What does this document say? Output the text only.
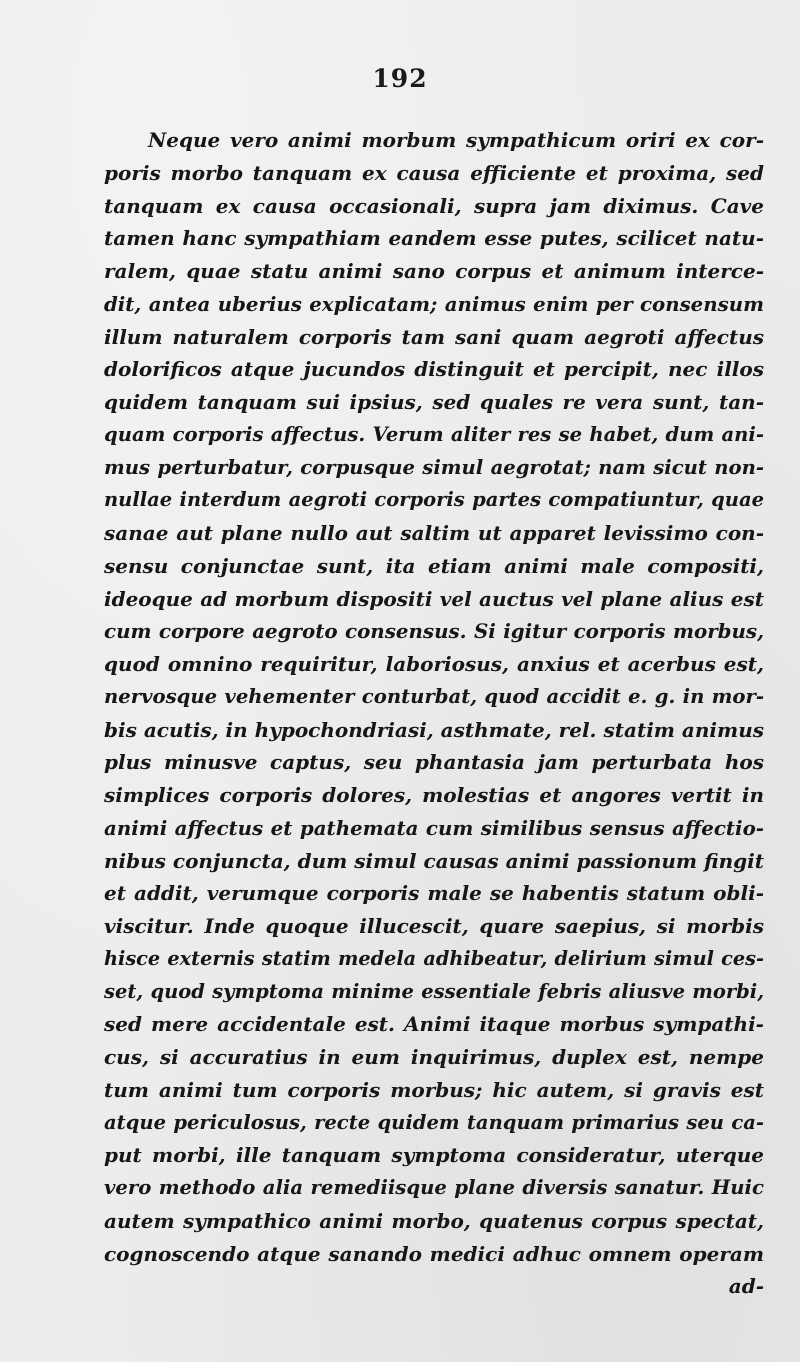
192
Neque vero animi morbum sympathicum oriri ex cor-
poris morbo tanquam ex causa efficiente et proxima, sed
tanquam ex causa occasionali, supra jam diximus. Cave
tamen hanc sympathiam eandem esse putes, scilicet natu-
ralem, quae statu animi sano corpus et animum interce-
dit, antea uberius explicatam; animus enim per consensum
illum naturalem corporis tam sani quam aegroti affectus
dolorificos atque jucundos distinguit et percipit, nec illos
quidem tanquam sui ipsius, sed quales re vera sunt, tan-
quam corporis affectus. Verum aliter res se habet, dum ani-
mus perturbatur, corpusque simul aegrotat; nam sicut non-
nullae interdum aegroti corporis partes compatiuntur, quae
sanae aut plane nullo aut saltim ut apparet levissimo con-
sensu conjunctae sunt, ita etiam animi male compositi,
ideoque ad morbum dispositi vel auctus vel plane alius est
cum corpore aegroto consensus. Si igitur corporis morbus,
quod omnino requiritur, laboriosus, anxius et acerbus est,
nervosque vehementer conturbat, quod accidit e. g. in mor-
bis acutis, in hypochondriasi, asthmate, rel. statim animus
plus minusve captus, seu phantasia jam perturbata hos
simplices corporis dolores, molestias et angores vertit in
animi affectus et pathemata cum similibus sensus affectio-
nibus conjuncta, dum simul causas animi passionum fingit
et addit, verumque corporis male se habentis statum obli-
viscitur. Inde quoque illucescit, quare saepius, si morbis
hisce externis statim medela adhibeatur, delirium simul ces-
set, quod symptoma minime essentiale febris aliusve morbi,
sed mere accidentale est. Animi itaque morbus sympathi-
cus, si accuratius in eum inquirimus, duplex est, nempe
tum animi tum corporis morbus; hic autem, si gravis est
atque periculosus, recte quidem tanquam primarius seu ca-
put morbi, ille tanquam symptoma consideratur, uterque
vero methodo alia remediisque plane diversis sanatur. Huic
autem sympathico animi morbo, quatenus corpus spectat,
cognoscendo atque sanando medici adhuc omnem operam
ad-
